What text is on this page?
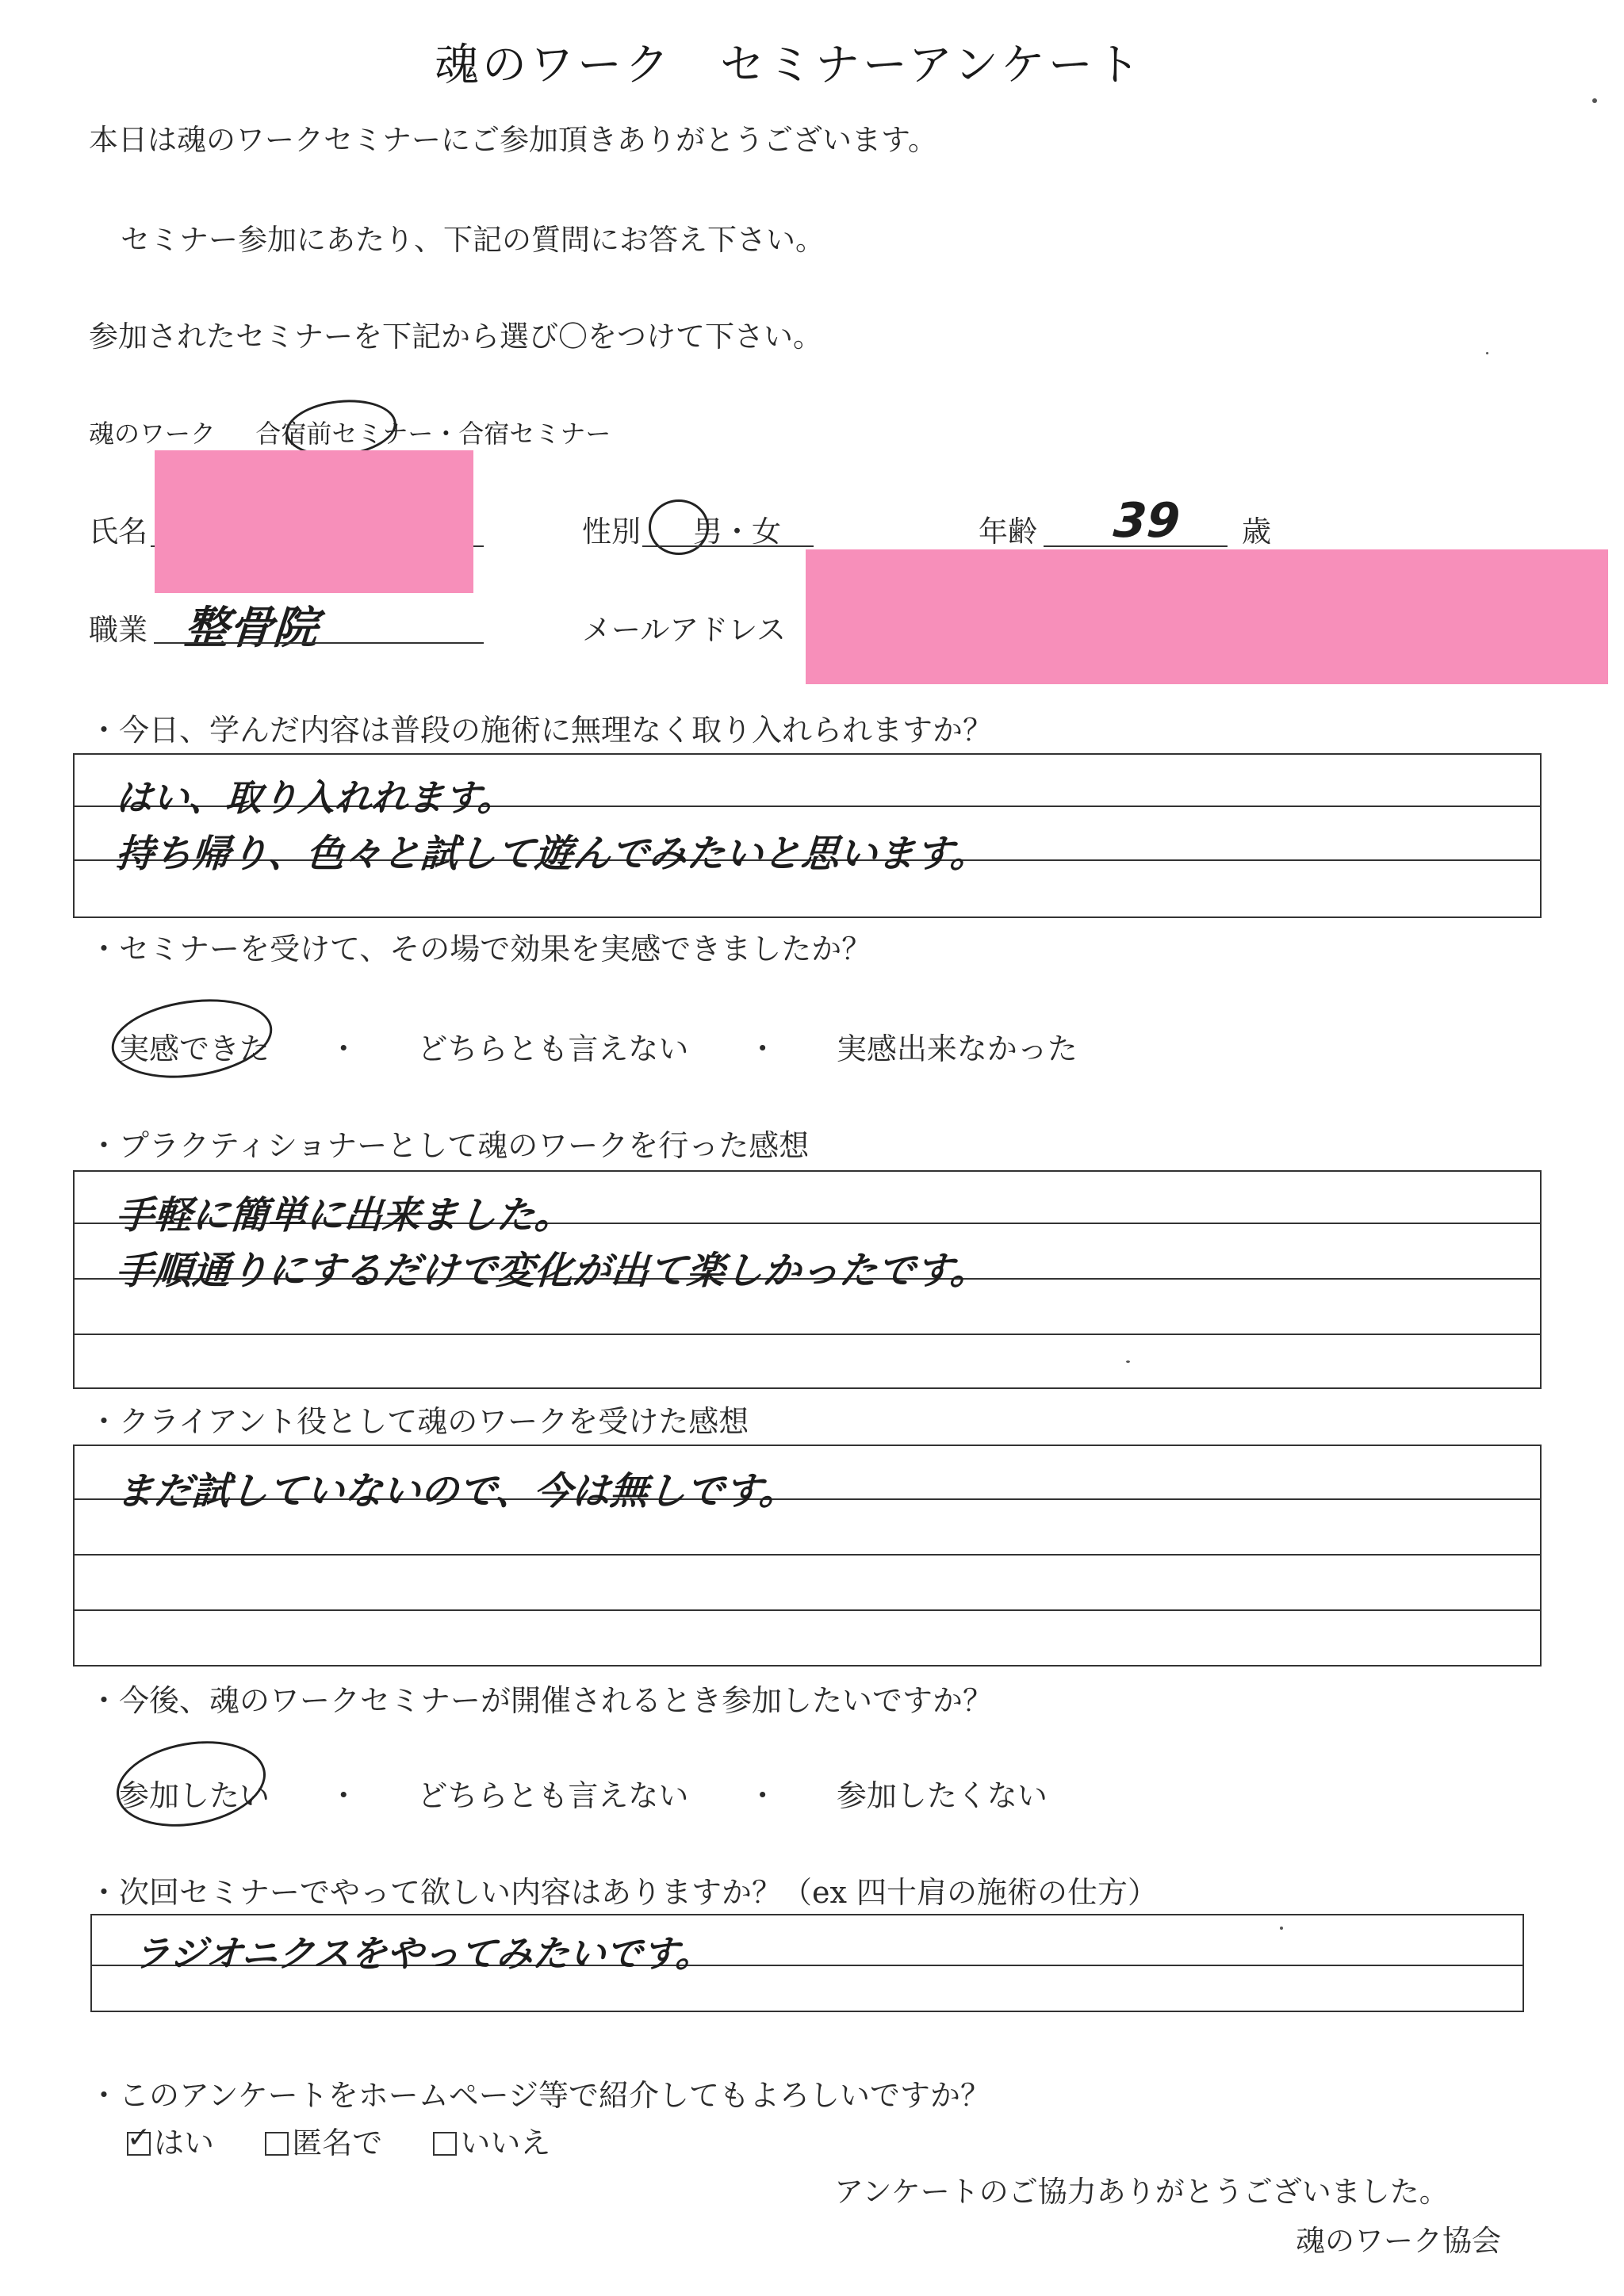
魂のワーク　セミナーアンケート
本日は魂のワークセミナーにご参加頂きありがとうございます。
セミナー参加にあたり、下記の質問にお答え下さい。
参加されたセミナーを下記から選び〇をつけて下さい。
魂のワーク 合宿前セミナー・合宿セミナー
氏名	性別 男・女	年齢 39 歳
職業 整骨院	メールアドレス
・今日、学んだ内容は普段の施術に無理なく取り入れられますか？
はい、取り入れれます。
持ち帰り、色々と試して遊んでみたいと思います。
・セミナーを受けて、その場で効果を実感できましたか？
実感できた ・ どちらとも言えない ・ 実感出来なかった
・プラクティショナーとして魂のワークを行った感想
手軽に簡単に出来ました。
手順通りにするだけで変化が出て楽しかったです。
・クライアント役として魂のワークを受けた感想
まだ試していないので、今は無しです。
・今後、魂のワークセミナーが開催されるとき参加したいですか？
参加したい ・ どちらとも言えない ・ 参加したくない
・次回セミナーでやって欲しい内容はありますか？（ex 四十肩の施術の仕方）
ラジオニクスをやってみたいです。
・このアンケートをホームページ等で紹介してもよろしいですか？
✓ はい	匿名で	いいえ
アンケートのご協力ありがとうございました。
魂のワーク協会
